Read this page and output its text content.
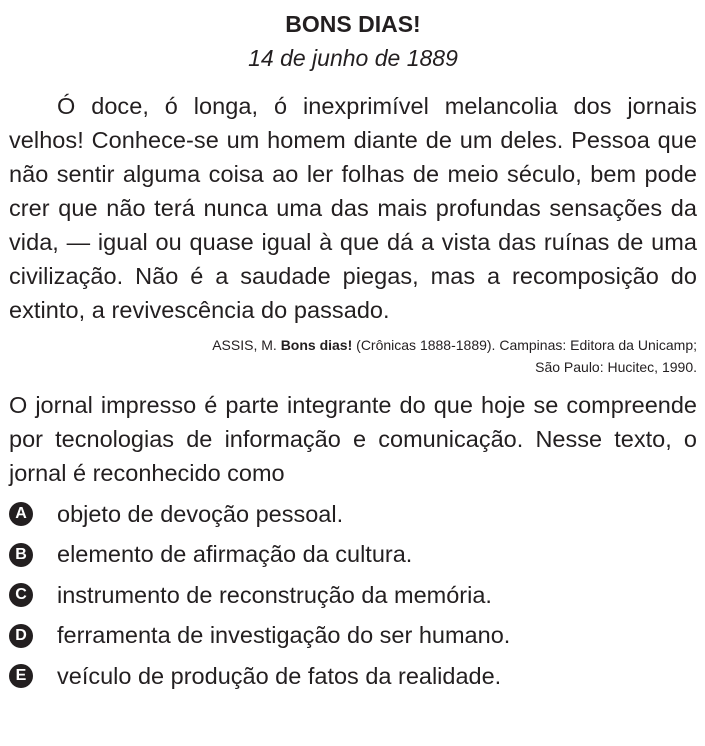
BONS DIAS!

14 de junho de 1889

Ó doce, ó longa, ó inexprimível melancolia dos jornais velhos! Conhece-se um homem diante de um deles. Pessoa que não sentir alguma coisa ao ler folhas de meio século, bem pode crer que não terá nunca uma das mais profundas sensações da vida, — igual ou quase igual à que dá a vista das ruínas de uma civilização. Não é a saudade piegas, mas a recomposição do extinto, a revivescência do passado.

ASSIS, M. Bons dias! (Crônicas 1888-1889). Campinas: Editora da Unicamp;
São Paulo: Hucitec, 1990.

O jornal impresso é parte integrante do que hoje se compreende por tecnologias de informação e comunicação. Nesse texto, o jornal é reconhecido como

A objeto de devoção pessoal.
B elemento de afirmação da cultura.
C instrumento de reconstrução da memória.
D ferramenta de investigação do ser humano.
E veículo de produção de fatos da realidade.
